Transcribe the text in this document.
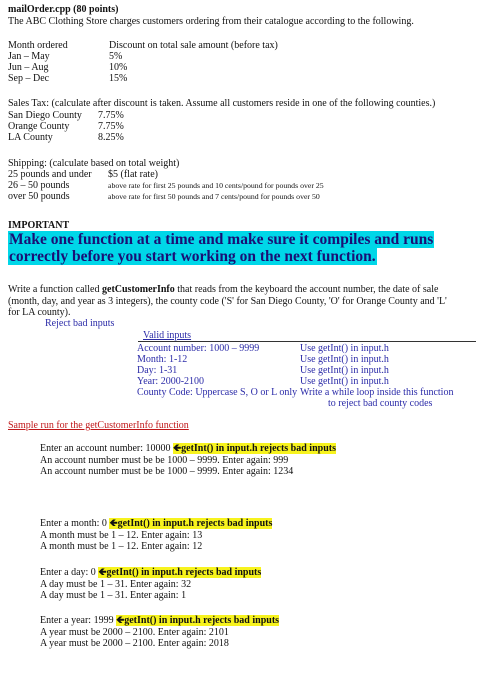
mailOrder.cpp (80 points)
The ABC Clothing Store charges customers ordering from their catalogue according to the following.
Month ordered	Discount on total sale amount (before tax)
Jan – May	5%
Jun – Aug	10%
Sep – Dec	15%
Sales Tax: (calculate after discount is taken. Assume all customers reside in one of the following counties.)
San Diego County 7.75%
Orange County	7.75%
LA County	8.25%
Shipping: (calculate based on total weight)
25 pounds and under $5 (flat rate)
26 – 50 pounds	above rate for first 25 pounds and 10 cents/pound for pounds over 25
over 50 pounds	above rate for first 50 pounds and 7 cents/pound for pounds over 50
IMPORTANT
Make one function at a time and make sure it compiles and runs
correctly before you start working on the next function.
Write a function called getCustomerInfo that reads from the keyboard the account number, the date of sale
(month, day, and year as 3 integers), the county code ('S' for San Diego County, 'O' for Orange County and 'L'
for LA county).
Reject bad inputs
Valid inputs
Account number: 1000 – 9999	Use getInt() in input.h
Month: 1-12	Use getInt() in input.h
Day: 1-31	Use getInt() in input.h
Year: 2000-2100	Use getInt() in input.h
County Code: Uppercase S, O or L only Write a while loop inside this function
to reject bad county codes
Sample run for the getCustomerInfo function
Enter an account number: 10000 🡸getInt() in input.h rejects bad inputs
An account number must be be 1000 – 9999. Enter again: 999
An account number must be be 1000 – 9999. Enter again: 1234
Enter a month: 0 🡸getInt() in input.h rejects bad inputs
A month must be 1 – 12. Enter again: 13
A month must be 1 – 12. Enter again: 12
Enter a day: 0 🡸getInt() in input.h rejects bad inputs
A day must be 1 – 31. Enter again: 32
A day must be 1 – 31. Enter again: 1
Enter a year: 1999 🡸getInt() in input.h rejects bad inputs
A year must be 2000 – 2100. Enter again: 2101
A year must be 2000 – 2100. Enter again: 2018
